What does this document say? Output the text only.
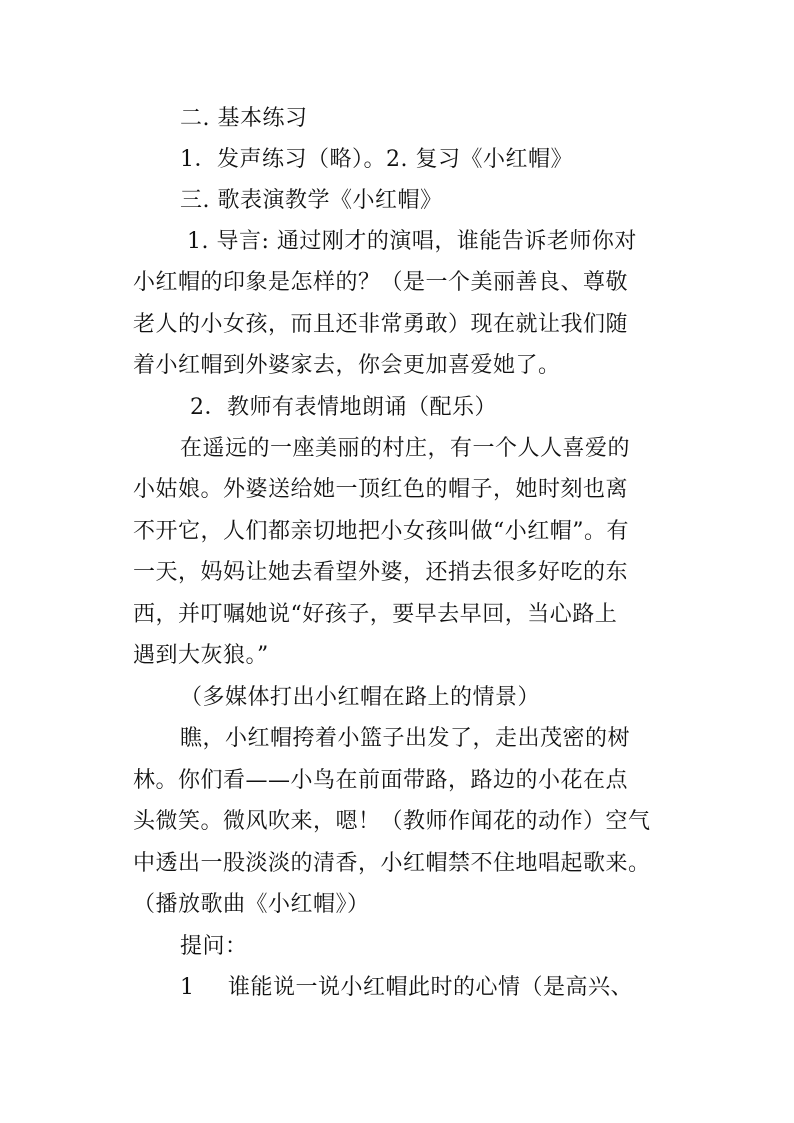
二. 基本练习
1．发声练习（略）。2. 复习《小红帽》
三. 歌表演教学《小红帽》
1. 导言: 通过刚才的演唱，谁能告诉老师你对
小红帽的印象是怎样的？（是一个美丽善良、尊敬
老人的小女孩，而且还非常勇敢）现在就让我们随
着小红帽到外婆家去，你会更加喜爱她了。
2．教师有表情地朗诵（配乐）
在遥远的一座美丽的村庄，有一个人人喜爱的
小姑娘。外婆送给她一顶红色的帽子，她时刻也离
不开它，人们都亲切地把小女孩叫做“小红帽”。有
一天，妈妈让她去看望外婆，还捎去很多好吃的东
西，并叮嘱她说“好孩子，要早去早回，当心路上
遇到大灰狼。”
（多媒体打出小红帽在路上的情景）
瞧，小红帽挎着小篮子出发了，走出茂密的树
林。你们看——小鸟在前面带路，路边的小花在点
头微笑。微风吹来，嗯！（教师作闻花的动作）空气
中透出一股淡淡的清香，小红帽禁不住地唱起歌来。
（播放歌曲《小红帽》）
提问：
1 谁能说一说小红帽此时的心情（是高兴、
